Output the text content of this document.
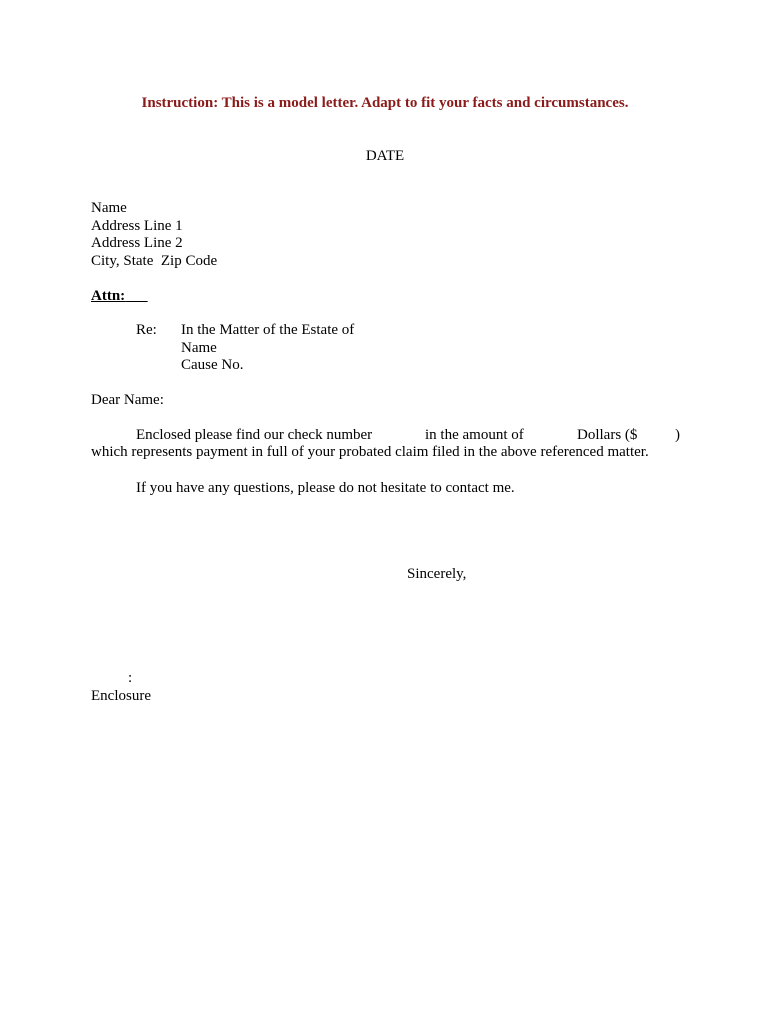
Instruction: This is a model letter. Adapt to fit your facts and circumstances.
DATE
Name
Address Line 1
Address Line 2
City, State  Zip Code
Attn:
Re: In the Matter of the Estate of
Name
Cause No.
Dear Name:
Enclosed please find our check number	in the amount of	Dollars ($	)
which represents payment in full of your probated claim filed in the above referenced matter.
If you have any questions, please do not hesitate to contact me.
Sincerely,
:
Enclosure
